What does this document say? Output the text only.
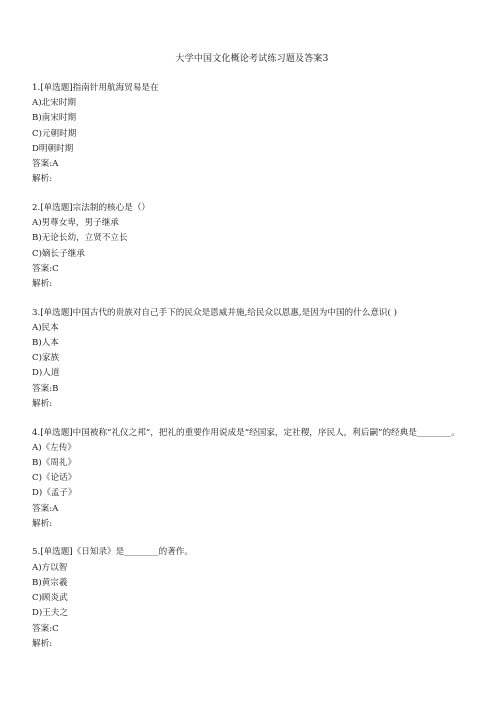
大学中国文化概论考试练习题及答案3
1.[单选题]指南针用航海贸易是在
A)北宋时期
B)南宋时期
C)元朝时期
D明朝时期
答案:A
解析:
2.[单选题]宗法制的核心是（）
A)男尊女卑，男子继承
B)无论长幼，立贤不立长
C)嫡长子继承
答案:C
解析:
3.[单选题]中国古代的贵族对自己手下的民众是恩威并施,给民众以恩惠,是因为中国的什么意识( )
A)民本
B)人本
C)家族
D)人道
答案:B
解析:
4.[单选题]中国被称“礼仪之邦”，把礼的重要作用说成是“经国家，定社稷，序民人，利后嗣”的经典是________。
A)《左传》
B)《周礼》
C)《论话》
D)《孟子》
答案:A
解析:
5.[单选题]《日知录》是________的著作。
A)方以智
B)黄宗羲
C)顾炎武
D)王夫之
答案:C
解析:
